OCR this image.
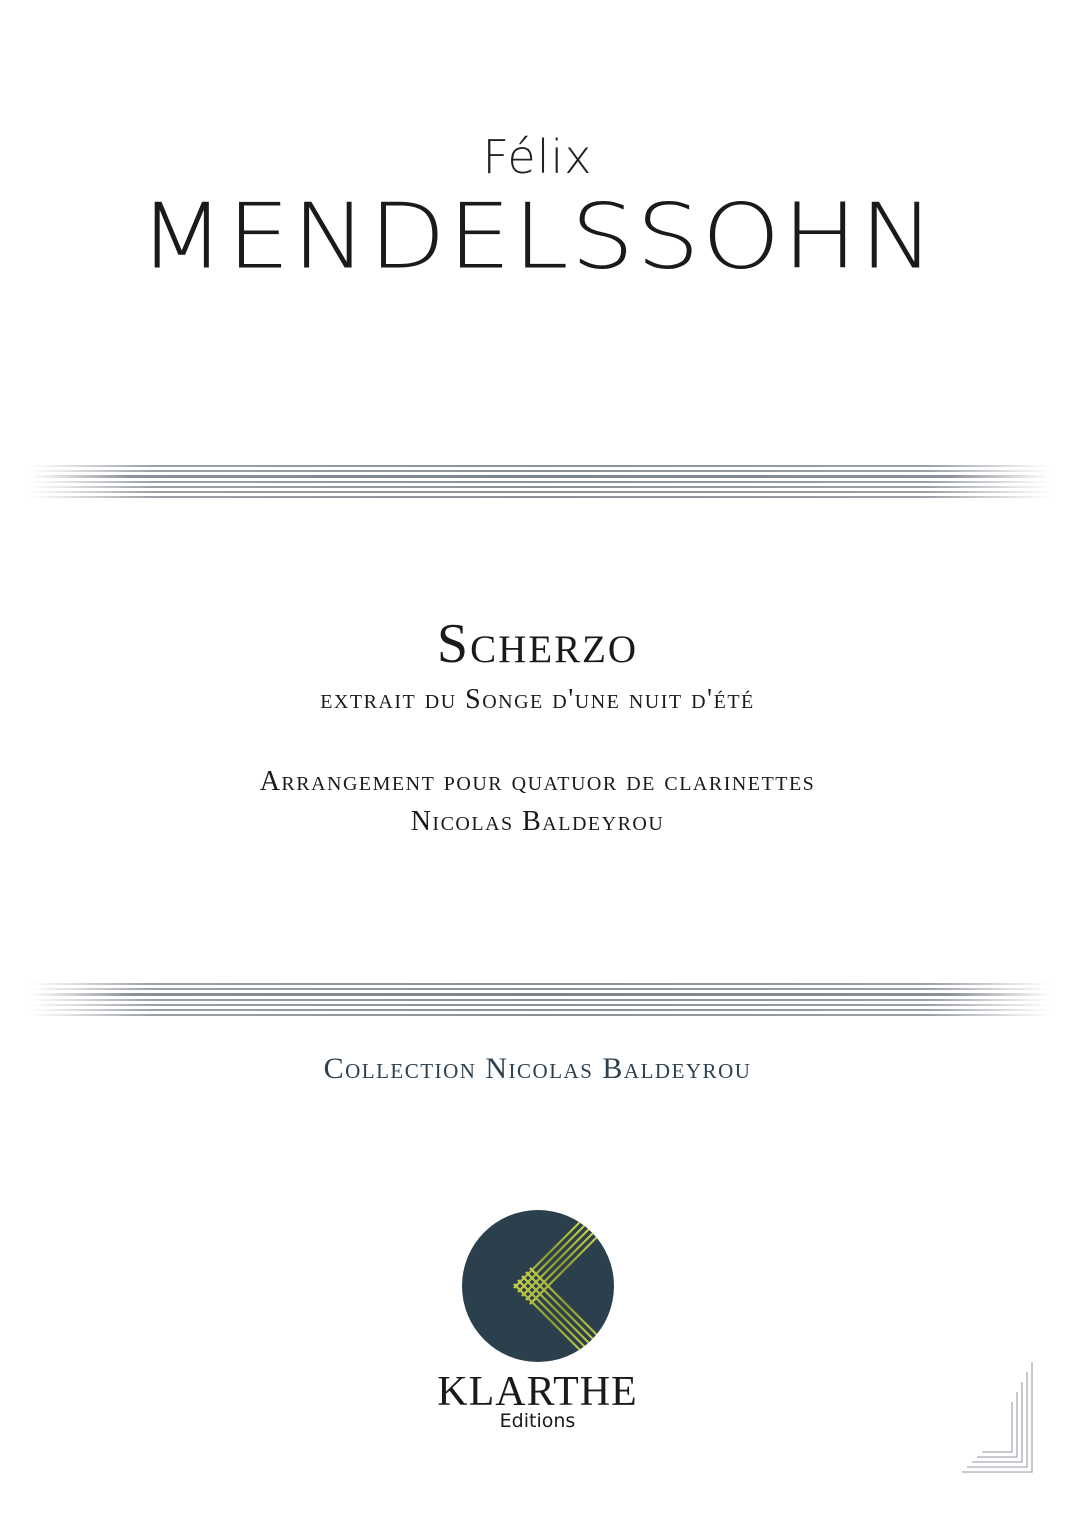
Félix
MENDELSSOHN
Scherzo
extrait du Songe d'une nuit d'été
Arrangement pour quatuor de clarinettes
Nicolas Baldeyrou
Collection Nicolas Baldeyrou
KLARTHE
Editions
